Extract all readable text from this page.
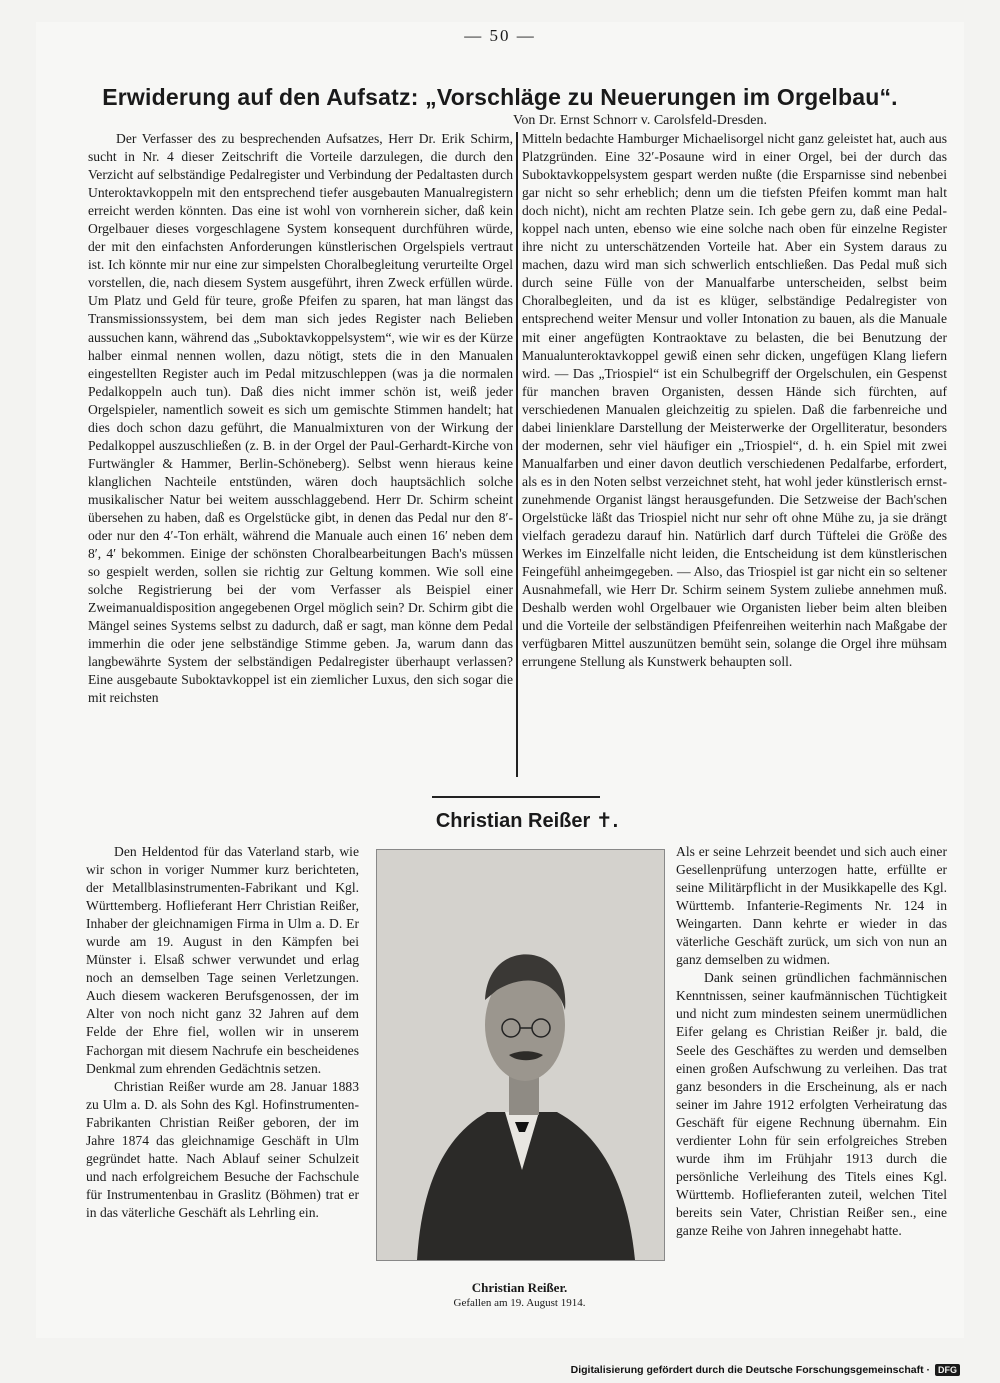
— 50 —
Erwiderung auf den Aufsatz: „Vorschläge zu Neuerungen im Orgelbau“.
Von Dr. Ernst Schnorr v. Carolsfeld-Dresden.

Der Verfasser des zu besprechenden Aufsatzes, Herr Dr. Erik Schirm, sucht in Nr. 4 dieser Zeitschrift die Vorteile darzulegen, die durch den Verzicht auf selbständige Pedalregister und Verbindung der Pedaltasten durch Unteroktavkoppeln mit den entsprechend tiefer ausgebauten Manualregistern erreicht werden könnten. Das eine ist wohl von vornherein sicher, daß kein Orgelbauer dieses vorgeschlagene System konsequent durchführen würde, der mit den einfachsten Anforderungen künstlerischen Orgelspiels vertraut ist. Ich könnte mir nur eine zur simpelsten Choralbegleitung verurteilte Orgel vorstellen, die, nach diesem System ausgeführt, ihren Zweck erfüllen würde. Um Platz und Geld für teure, große Pfeifen zu sparen, hat man längst das Transmissionssystem, bei dem man sich jedes Register nach Belieben aussuchen kann, während das „Suboktavkoppelsystem“, wie wir es der Kürze halber einmal nennen wollen, dazu nötigt, stets die in den Manualen eingestellten Register auch im Pedal mitzuschleppen (was ja die normalen Pedalkoppeln auch tun). Daß dies nicht immer schön ist, weiß jeder Orgelspieler, namentlich soweit es sich um gemischte Stimmen handelt; hat dies doch schon dazu geführt, die Manualmixturen von der Wirkung der Pedalkoppel auszuschließen (z. B. in der Orgel der Paul-Gerhardt-Kirche von Furtwängler & Hammer, Berlin-Schöneberg). Selbst wenn hieraus keine klanglichen Nachteile entstünden, wären doch hauptsächlich solche musikalischer Natur bei weitem ausschlaggebend. Herr Dr. Schirm scheint übersehen zu haben, daß es Orgelstücke gibt, in denen das Pedal nur den 8′- oder nur den 4′-Ton erhält, während die Manuale auch einen 16′ neben dem 8′, 4′ bekommen. Einige der schönsten Choralbearbeitungen Bach's müssen so gespielt werden, sollen sie richtig zur Geltung kommen. Wie soll eine solche Registrierung bei der vom Verfasser als Beispiel einer Zweimanualdisposition angegebenen Orgel möglich sein? Dr. Schirm gibt die Mängel seines Systems selbst zu dadurch, daß er sagt, man könne dem Pedal immerhin die oder jene selbständige Stimme geben. Ja, warum dann das langbewährte System der selbständigen Pedalregister überhaupt verlassen? Eine ausgebaute Suboktavkoppel ist ein ziemlicher Luxus, den sich sogar die mit reichsten

Mitteln bedachte Hamburger Michaelisorgel nicht ganz geleistet hat, auch aus Platzgründen. Eine 32′-Posaune wird in einer Orgel, bei der durch das Suboktavkoppelsystem gespart werden nußte (die Ersparnisse sind nebenbei gar nicht so sehr erheblich; denn um die tiefsten Pfeifen kommt man halt doch nicht), nicht am rechten Platze sein. Ich gebe gern zu, daß eine Pedalkoppel nach unten, ebenso wie eine solche nach oben für einzelne Register ihre nicht zu unterschätzenden Vorteile hat. Aber ein System daraus zu machen, dazu wird man sich schwerlich entschließen. Das Pedal muß sich durch seine Fülle von der Manualfarbe unterscheiden, selbst beim Choralbegleiten, und da ist es klüger, selbständige Pedalregister von entsprechend weiter Mensur und voller Intonation zu bauen, als die Manuale mit einer angefügten Kontraoktave zu belasten, die bei Benutzung der Manualunteroktavkoppel gewiß einen sehr dicken, ungefügen Klang liefern wird. — Das „Triospiel“ ist ein Schulbegriff der Orgelschulen, ein Gespenst für manchen braven Organisten, dessen Hände sich fürchten, auf verschiedenen Manualen gleichzeitig zu spielen. Daß die farbenreiche und dabei linienklare Darstellung der Meisterwerke der Orgelliteratur, besonders der modernen, sehr viel häufiger ein „Triospiel“, d. h. ein Spiel mit zwei Manualfarben und einer davon deutlich verschiedenen Pedalfarbe, erfordert, als es in den Noten selbst verzeichnet steht, hat wohl jeder künstlerisch ernstzunehmende Organist längst herausgefunden. Die Setzweise der Bach'schen Orgelstücke läßt das Triospiel nicht nur sehr oft ohne Mühe zu, ja sie drängt vielfach geradezu darauf hin. Natürlich darf durch Tüftelei die Größe des Werkes im Einzelfalle nicht leiden, die Entscheidung ist dem künstlerischen Feingefühl anheimgegeben. — Also, das Triospiel ist gar nicht ein so seltener Ausnahmefall, wie Herr Dr. Schirm seinem System zuliebe annehmen muß. Deshalb werden wohl Orgelbauer wie Organisten lieber beim alten bleiben und die Vorteile der selbständigen Pfeifenreihen weiterhin nach Maßgabe der verfügbaren Mittel auszunützen bemüht sein, solange die Orgel ihre mühsam errungene Stellung als Kunstwerk behaupten soll.

Christian Reißer ✝.

Den Heldentod für das Vaterland starb, wie wir schon in voriger Nummer kurz berichteten, der Metallblasinstrumenten-Fabrikant und Kgl. Württemberg. Hoflieferant Herr Christian Reißer, Inhaber der gleichnamigen Firma in Ulm a. D. Er wurde am 19. August in den Kämpfen bei Münster i. Elsaß schwer verwundet und erlag noch an demselben Tage seinen Verletzungen. Auch diesem wackeren Berufsgenossen, der im Alter von noch nicht ganz 32 Jahren auf dem Felde der Ehre fiel, wollen wir in unserem Fachorgan mit diesem Nachrufe ein bescheidenes Denkmal zum ehrenden Gedächtnis setzen.

Christian Reißer wurde am 28. Januar 1883 zu Ulm a. D. als Sohn des Kgl. Hofinstrumenten-Fabrikanten Christian Reißer geboren, der im Jahre 1874 das gleichnamige Geschäft in Ulm gegründet hatte. Nach Ablauf seiner Schulzeit und nach erfolgreichem Besuche der Fachschule für Instrumentenbau in Graslitz (Böhmen) trat er in das väterliche Geschäft als Lehrling ein.

Christian Reißer.
Gefallen am 19. August 1914.

Als er seine Lehrzeit beendet und sich auch einer Gesellenprüfung unterzogen hatte, erfüllte er seine Militärpflicht in der Musikkapelle des Kgl. Württemb. Infanterie-Regiments Nr. 124 in Weingarten. Dann kehrte er wieder in das väterliche Geschäft zurück, um sich von nun an ganz demselben zu widmen.

Dank seinen gründlichen fachmännischen Kenntnissen, seiner kaufmännischen Tüchtigkeit und nicht zum mindesten seinem unermüdlichen Eifer gelang es Christian Reißer jr. bald, die Seele des Geschäftes zu werden und demselben einen großen Aufschwung zu verleihen. Das trat ganz besonders in die Erscheinung, als er nach seiner im Jahre 1912 erfolgten Verheiratung das Geschäft für eigene Rechnung übernahm. Ein verdienter Lohn für sein erfolgreiches Streben wurde ihm im Frühjahr 1913 durch die persönliche Verleihung des Titels eines Kgl. Württemb. Hoflieferanten zuteil, welchen Titel bereits sein Vater, Christian Reißer sen., eine ganze Reihe von Jahren innegehabt hatte.

Digitalisierung gefördert durch die Deutsche Forschungsgemeinschaft · DFG
